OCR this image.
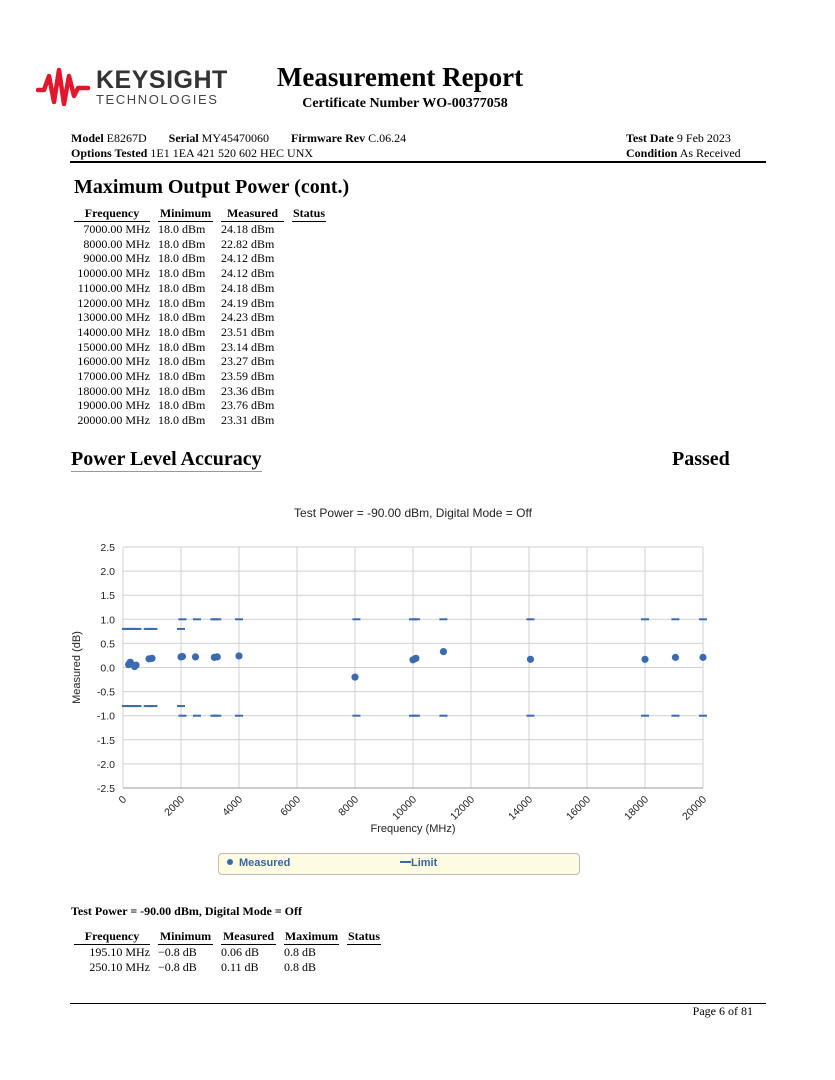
KEYSIGHT
TECHNOLOGIES
Measurement Report
Certificate Number WO-00377058
Model E8267D Serial MY45470060 Firmware Rev C.06.24
Options Tested 1E1 1EA 421 520 602 HEC UNX
Test Date 9 Feb 2023
Condition As Received
Maximum Output Power (cont.)
Frequency		Minimum		Measured		Status
7000.00 MHz		18.0 dBm		24.18 dBm		
8000.00 MHz		18.0 dBm		22.82 dBm		
9000.00 MHz		18.0 dBm		24.12 dBm		
10000.00 MHz		18.0 dBm		24.12 dBm		
11000.00 MHz		18.0 dBm		24.18 dBm		
12000.00 MHz		18.0 dBm		24.19 dBm		
13000.00 MHz		18.0 dBm		24.23 dBm		
14000.00 MHz		18.0 dBm		23.51 dBm		
15000.00 MHz		18.0 dBm		23.14 dBm		
16000.00 MHz		18.0 dBm		23.27 dBm		
17000.00 MHz		18.0 dBm		23.59 dBm		
18000.00 MHz		18.0 dBm		23.36 dBm		
19000.00 MHz		18.0 dBm		23.76 dBm		
20000.00 MHz		18.0 dBm		23.31 dBm		
Power Level Accuracy	Passed
Test Power = -90.00 dBm, Digital Mode = Off
2.5
2.0
1.5
1.0
0.5
0.0
-0.5
-1.0
-1.5
-2.0
-2.5
0	2000	4000	6000	8000	10000	12000	14000	16000	18000	20000
Frequency (MHz)
Measured (dB)
Measured	Limit
Test Power = -90.00 dBm, Digital Mode = Off
Frequency		Minimum		Measured		Maximum		Status
195.10 MHz		−0.8 dB		0.06 dB		0.8 dB		
250.10 MHz		−0.8 dB		0.11 dB		0.8 dB		
Page 6 of 81
